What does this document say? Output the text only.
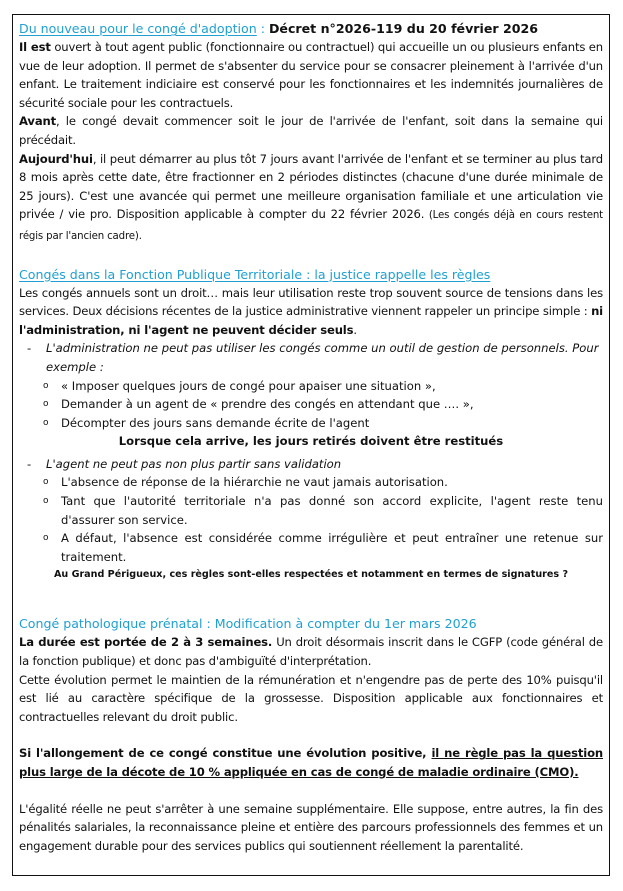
Du nouveau pour le congé d'adoption : Décret n°2026-119 du 20 février 2026

Il est ouvert à tout agent public (fonctionnaire ou contractuel) qui accueille un ou plusieurs enfants en vue de leur adoption. Il permet de s'absenter du service pour se consacrer pleinement à l'arrivée d'un enfant. Le traitement indiciaire est conservé pour les fonctionnaires et les indemnités journalières de sécurité sociale pour les contractuels.

Avant, le congé devait commencer soit le jour de l'arrivée de l'enfant, soit dans la semaine qui précédait.

Aujourd'hui, il peut démarrer au plus tôt 7 jours avant l'arrivée de l'enfant et se terminer au plus tard 8 mois après cette date, être fractionner en 2 périodes distinctes (chacune d'une durée minimale de 25 jours). C'est une avancée qui permet une meilleure organisation familiale et une articulation vie privée / vie pro. Disposition applicable à compter du 22 février 2026. (Les congés déjà en cours restent régis par l'ancien cadre).

Congés dans la Fonction Publique Territoriale : la justice rappelle les règles

Les congés annuels sont un droit… mais leur utilisation reste trop souvent source de tensions dans les services. Deux décisions récentes de la justice administrative viennent rappeler un principe simple : ni l'administration, ni l'agent ne peuvent décider seuls.

- L'administration ne peut pas utiliser les congés comme un outil de gestion de personnels. Pour exemple :
o « Imposer quelques jours de congé pour apaiser une situation »,
o Demander à un agent de « prendre des congés en attendant que …. »,
o Décompter des jours sans demande écrite de l'agent
Lorsque cela arrive, les jours retirés doivent être restitués
- L'agent ne peut pas non plus partir sans validation
o L'absence de réponse de la hiérarchie ne vaut jamais autorisation.
o Tant que l'autorité territoriale n'a pas donné son accord explicite, l'agent reste tenu d'assurer son service.
o A défaut, l'absence est considérée comme irrégulière et peut entraîner une retenue sur traitement.
Au Grand Périgueux, ces règles sont-elles respectées et notamment en termes de signatures ?

Congé pathologique prénatal : Modification à compter du 1er mars 2026

La durée est portée de 2 à 3 semaines. Un droit désormais inscrit dans le CGFP (code général de la fonction publique) et donc pas d'ambiguïté d'interprétation.

Cette évolution permet le maintien de la rémunération et n'engendre pas de perte des 10% puisqu'il est lié au caractère spécifique de la grossesse. Disposition applicable aux fonctionnaires et contractuelles relevant du droit public.

Si l'allongement de ce congé constitue une évolution positive, il ne règle pas la question plus large de la décote de 10 % appliquée en cas de congé de maladie ordinaire (CMO).

L'égalité réelle ne peut s'arrêter à une semaine supplémentaire. Elle suppose, entre autres, la fin des pénalités salariales, la reconnaissance pleine et entière des parcours professionnels des femmes et un engagement durable pour des services publics qui soutiennent réellement la parentalité.
